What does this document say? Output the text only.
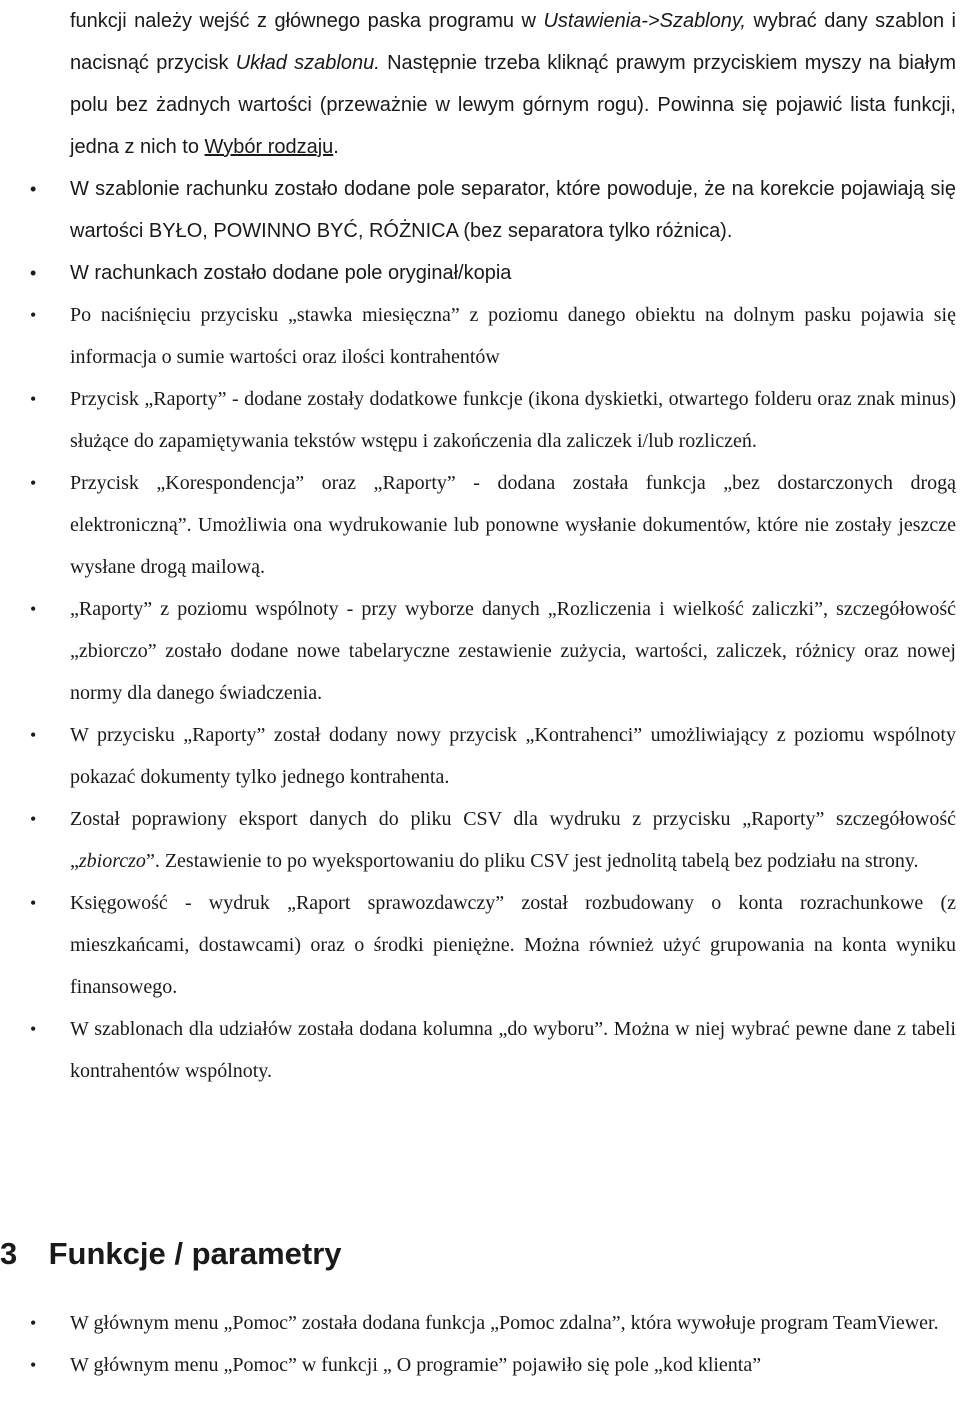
funkcji należy wejść z głównego paska programu w Ustawienia->Szablony, wybrać dany szablon i nacisnąć przycisk Układ szablonu. Następnie trzeba kliknąć prawym przyciskiem myszy na białym polu bez żadnych wartości (przeważnie w lewym górnym rogu). Powinna się pojawić lista funkcji, jedna z nich to Wybór rodzaju.
• W szablonie rachunku zostało dodane pole separator, które powoduje, że na korekcie pojawiają się wartości BYŁO, POWINNO BYĆ, RÓŻNICA (bez separatora tylko różnica).
• W rachunkach zostało dodane pole oryginał/kopia
• Po naciśnięciu przycisku „stawka miesięczna” z poziomu danego obiektu na dolnym pasku pojawia się informacja o sumie wartości oraz ilości kontrahentów
• Przycisk „Raporty” - dodane zostały dodatkowe funkcje (ikona dyskietki, otwartego folderu oraz znak minus) służące do zapamiętywania tekstów wstępu i zakończenia dla zaliczek i/lub rozliczeń.
• Przycisk „Korespondencja” oraz „Raporty” - dodana została funkcja „bez dostarczonych drogą elektroniczną”. Umożliwia ona wydrukowanie lub ponowne wysłanie dokumentów, które nie zostały jeszcze wysłane drogą mailową.
• „Raporty” z poziomu wspólnoty - przy wyborze danych „Rozliczenia i wielkość zaliczki”, szczegółowość „zbiorczo” zostało dodane nowe tabelaryczne zestawienie zużycia, wartości, zaliczek, różnicy oraz nowej normy dla danego świadczenia.
• W przycisku „Raporty” został dodany nowy przycisk „Kontrahenci” umożliwiający z poziomu wspólnoty pokazać dokumenty tylko jednego kontrahenta.
• Został poprawiony eksport danych do pliku CSV dla wydruku z przycisku „Raporty” szczegółowość „zbiorczo”. Zestawienie to po wyeksportowaniu do pliku CSV jest jednolitą tabelą bez podziału na strony.
• Księgowość - wydruk „Raport sprawozdawczy” został rozbudowany o konta rozrachunkowe (z mieszkańcami, dostawcami) oraz o środki pieniężne. Można również użyć grupowania na konta wyniku finansowego.
• W szablonach dla udziałów została dodana kolumna „do wyboru”. Można w niej wybrać pewne dane z tabeli kontrahentów wspólnoty.
3 Funkcje / parametry
• W głównym menu „Pomoc” została dodana funkcja „Pomoc zdalna”, która wywołuje program TeamViewer.
• W głównym menu „Pomoc” w funkcji „ O programie” pojawiło się pole „kod klienta”
